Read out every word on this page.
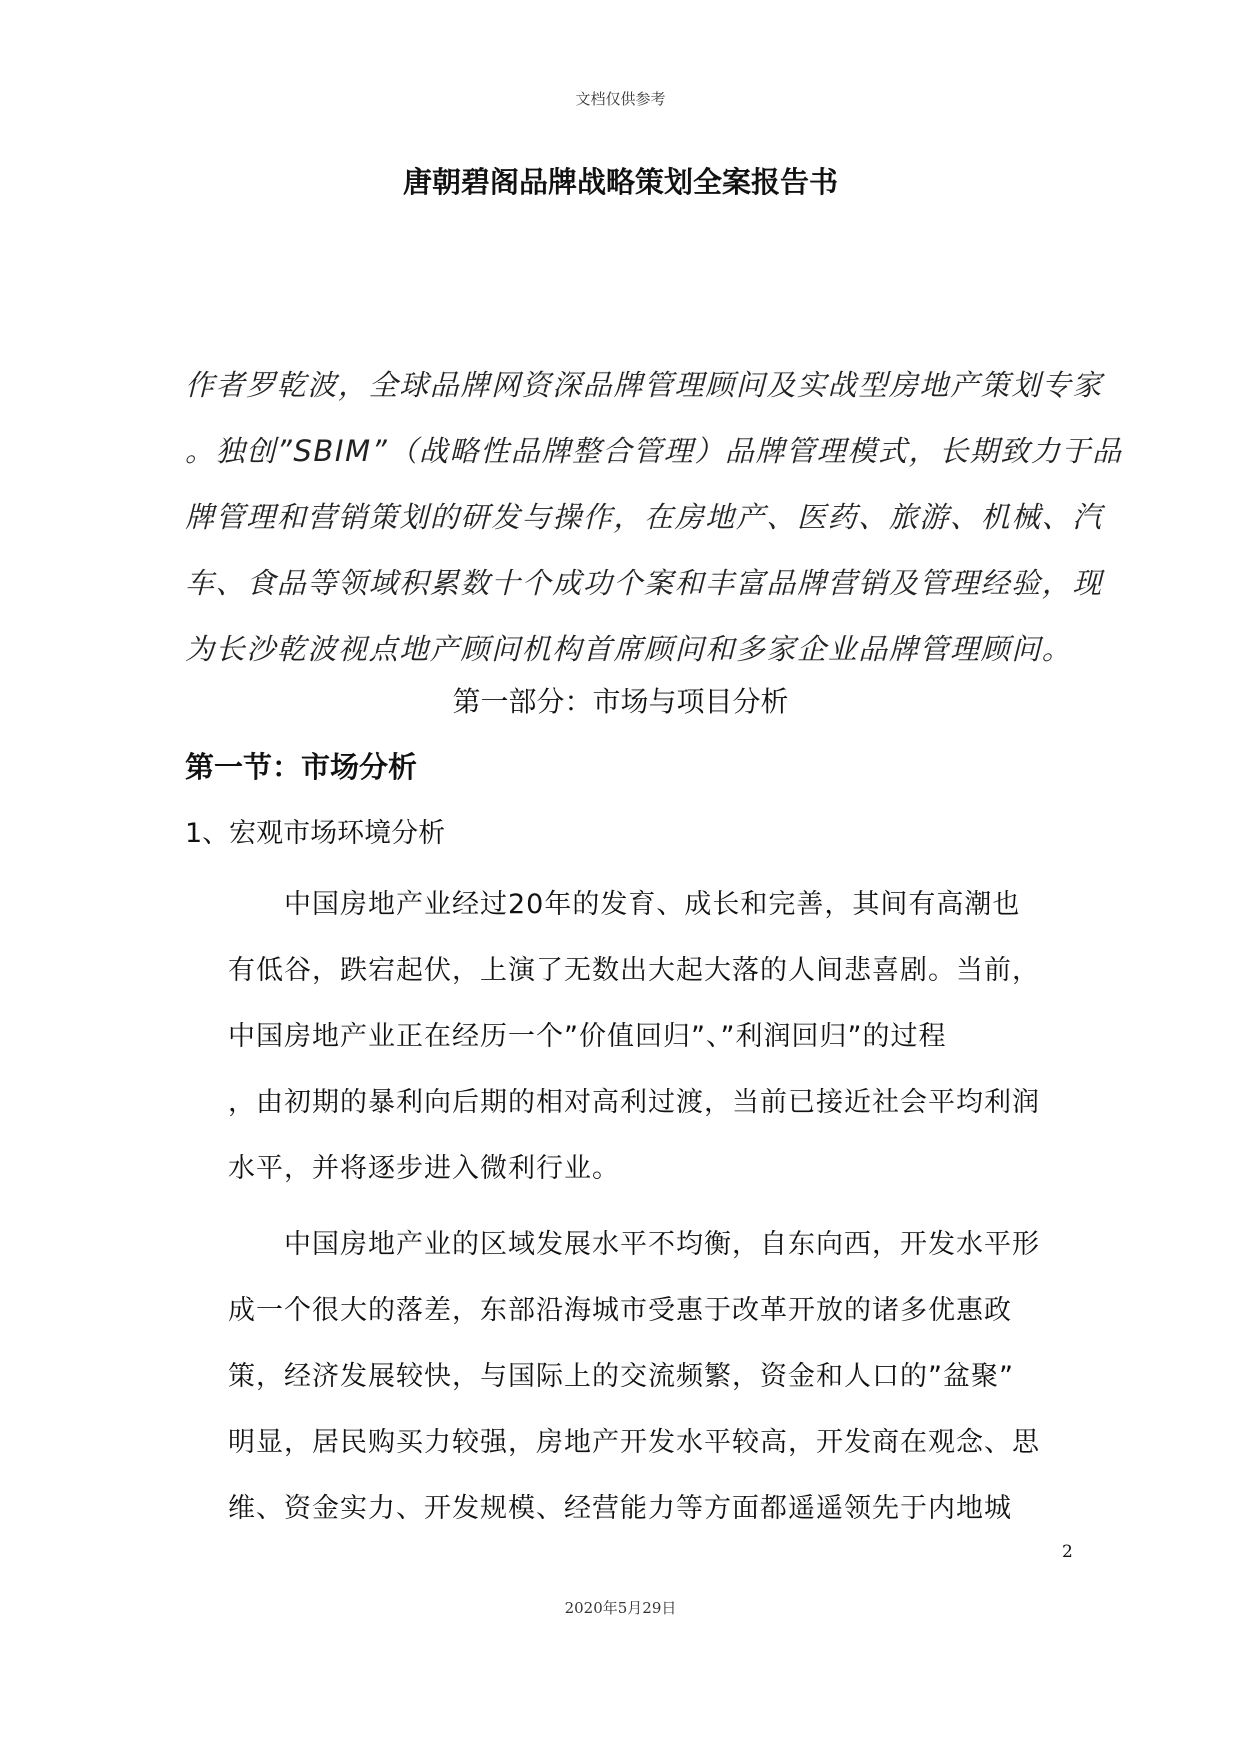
文档仅供参考
唐朝碧阁品牌战略策划全案报告书

作者罗乾波，全球品牌网资深品牌管理顾问及实战型房地产策划专家

。独创”SBIM”（战略性品牌整合管理）品牌管理模式，长期致力于品

牌管理和营销策划的研发与操作，在房地产、医药、旅游、机械、汽

车、食品等领域积累数十个成功个案和丰富品牌营销及管理经验，现

为长沙乾波视点地产顾问机构首席顾问和多家企业品牌管理顾问。

第一部分：市场与项目分析
第一节：市场分析
1、宏观市场环境分析

　　中国房地产业经过20年的发育、成长和完善，其间有高潮也

有低谷，跌宕起伏，上演了无数出大起大落的人间悲喜剧。当前，

中国房地产业正在经历一个”价值回归”、”利润回归”的过程

，由初期的暴利向后期的相对高利过渡，当前已接近社会平均利润

水平，并将逐步进入微利行业。

　　中国房地产业的区域发展水平不均衡，自东向西，开发水平形

成一个很大的落差，东部沿海城市受惠于改革开放的诸多优惠政

策，经济发展较快，与国际上的交流频繁，资金和人口的”盆聚”

明显，居民购买力较强，房地产开发水平较高，开发商在观念、思

维、资金实力、开发规模、经营能力等方面都遥遥领先于内地城

2
2020年5月29日
